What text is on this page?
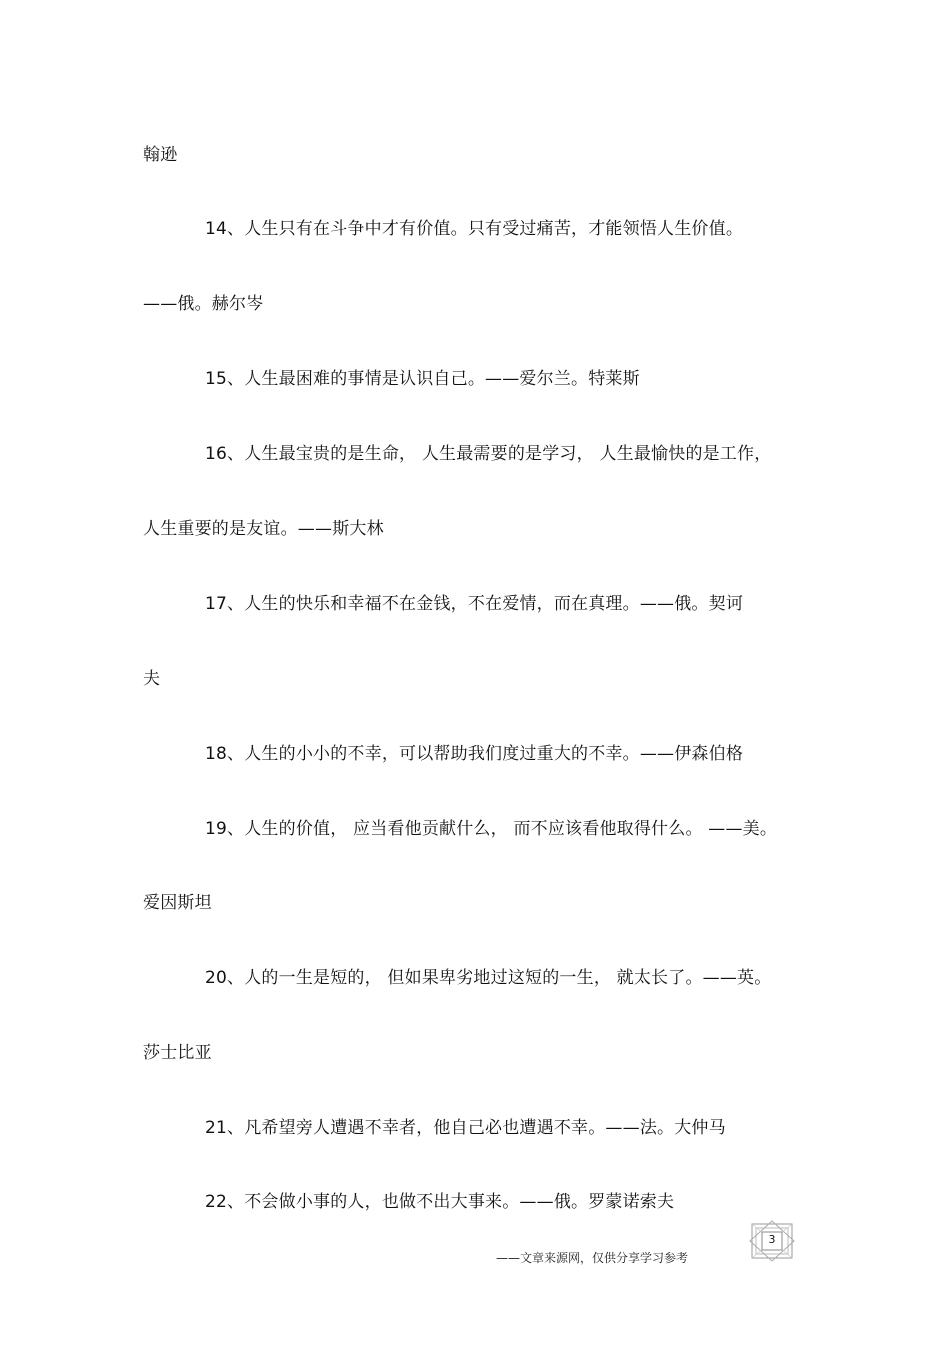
翰逊
14、人生只有在斗争中才有价值。只有受过痛苦，才能领悟人生价值。
——俄。赫尔岑
15、人生最困难的事情是认识自己。——爱尔兰。特莱斯
16、人生最宝贵的是生命， 人生最需要的是学习， 人生最愉快的是工作，
人生重要的是友谊。——斯大林
17、人生的快乐和幸福不在金钱，不在爱情，而在真理。——俄。契诃
夫
18、人生的小小的不幸，可以帮助我们度过重大的不幸。——伊森伯格
19、人生的价值， 应当看他贡献什么， 而不应该看他取得什么。 ——美。
爱因斯坦
20、人的一生是短的， 但如果卑劣地过这短的一生， 就太长了。——英。
莎士比亚
21、凡希望旁人遭遇不幸者，他自己必也遭遇不幸。——法。大仲马
22、不会做小事的人，也做不出大事来。——俄。罗蒙诺索夫
3
——文章来源网，仅供分享学习参考
